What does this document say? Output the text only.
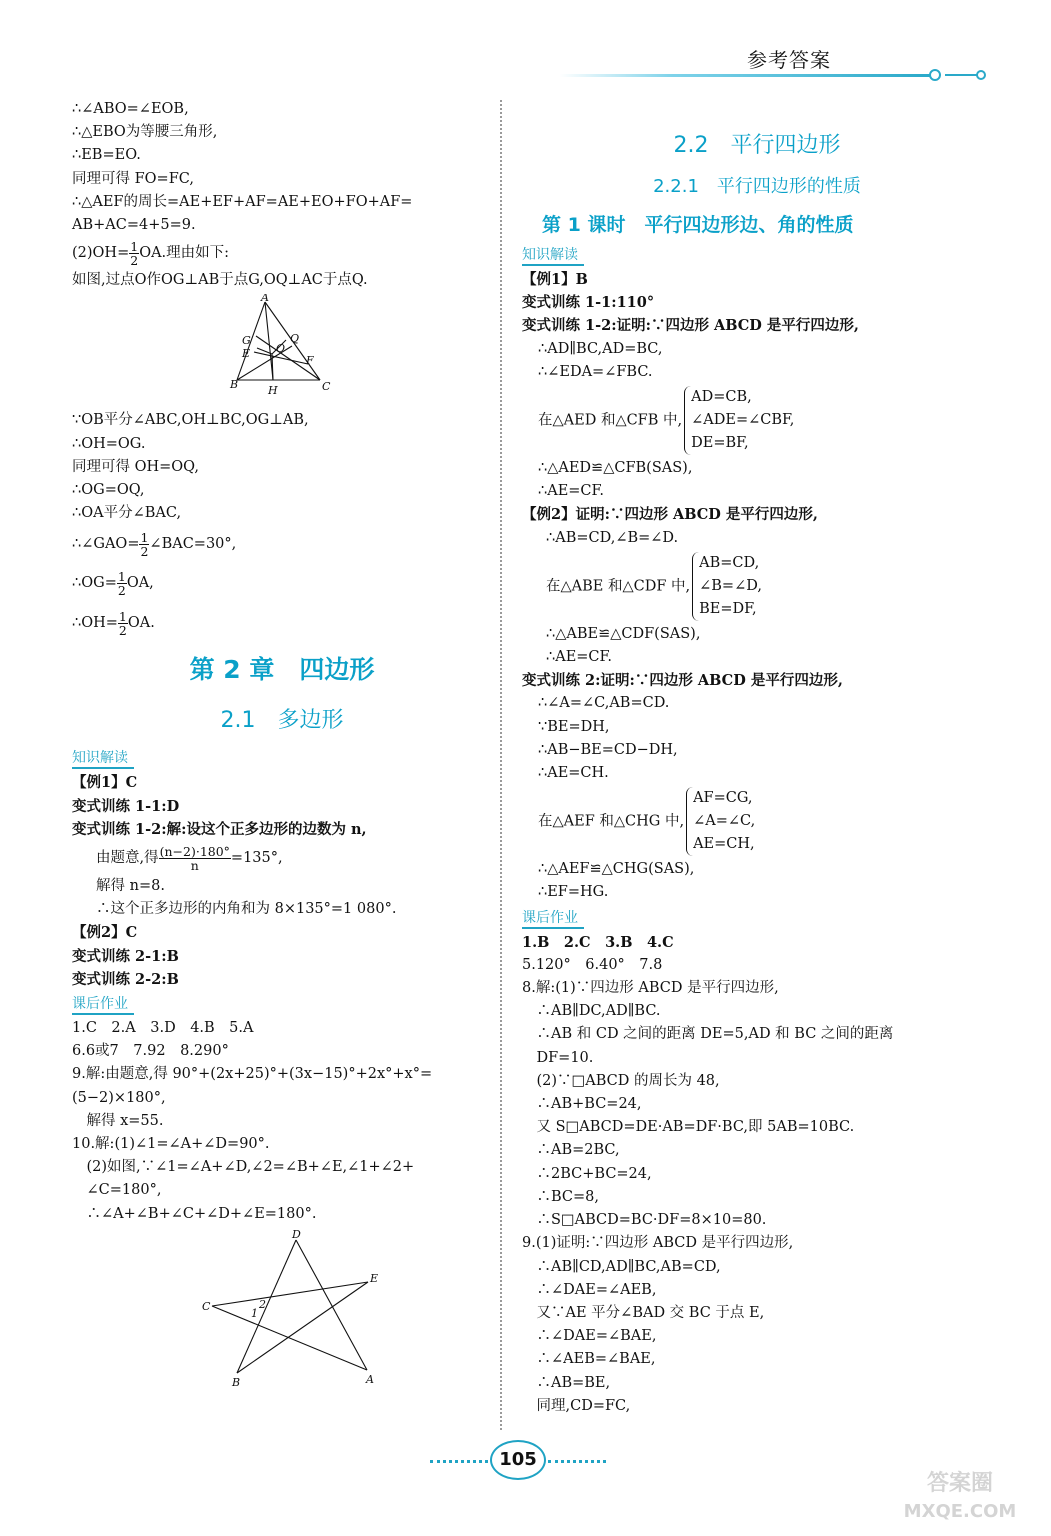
参考答案
∴∠ABO=∠EOB,
∴△EBO为等腰三角形,
∴EB=EO.
同理可得 FO=FC,
∴△AEF的周长=AE+EF+AF=AE+EO+FO+AF=
AB+AC=4+5=9.
$(2)OH= \frac{1}{2}$ OA.理由如下:
如图,过点O作OG⊥AB于点G,OQ⊥AC于点Q.
A
G
O
Q
E
F
B	H	C
∵OB平分∠ABC,OH⊥BC,OG⊥AB,
∴OH=OG.
同理可得 OH=OQ,
∴OG=OQ,
∴OA平分∠BAC,
∴∠GAO= $\frac{1}{2}$ ∠BAC=30°,
∴OG= $\frac{1}{2}$ OA,
∴OH= $\frac{1}{2}$ OA.
第 2 章　四边形
2.1　多边形
知识解读
【例1】C
变式训练 1-1:D
变式训练 1-2:解:设这个正多边形的边数为 n,
由题意,得 $\frac{(n-2)\cdot 180^\circ}{n} =135^\circ$,
解得 n=8.
∴这个正多边形的内角和为 8×135°=1 080°.
【例2】C
变式训练 2-1:B
变式训练 2-2:B
课后作业
1.C　2.A　3.D　4.B　5.A
6.6或7　7.92　8.290°
9.解:由题意,得 90°+(2x+25)°+(3x−15)°+2x°+x°=
(5−2)×180°,
　解得 x=55.
10.解:(1)∠1=∠A+∠D=90°.
　(2)如图,∵∠1=∠A+∠D,∠2=∠B+∠E,∠1+∠2+
　∠C=180°,
　∴∠A+∠B+∠C+∠D+∠E=180°.
D
E
C	2
1
B	A
2.2　平行四边形
2.2.1　平行四边形的性质
第 1 课时　平行四边形边、角的性质
知识解读
【例1】B
变式训练 1-1:110°
变式训练 1-2:证明:∵四边形 ABCD 是平行四边形,
∴AD∥BC,AD=BC,
∴∠EDA=∠FBC.
在△AED 和△CFB 中,
AD=CB,
∠ADE=∠CBF,
DE=BF,
∴△AED≌△CFB(SAS),
∴AE=CF.
【例2】证明:∵四边形 ABCD 是平行四边形,
∴AB=CD,∠B=∠D.
在△ABE 和△CDF 中,
AB=CD,
∠B=∠D,
BE=DF,
∴△ABE≌△CDF(SAS),
∴AE=CF.
变式训练 2:证明:∵四边形 ABCD 是平行四边形,
∴∠A=∠C,AB=CD.
∵BE=DH,
∴AB−BE=CD−DH,
∴AE=CH.
在△AEF 和△CHG 中,
AF=CG,
∠A=∠C,
AE=CH,
∴△AEF≌△CHG(SAS),
∴EF=HG.
课后作业
1.B　2.C　3.B　4.C
5.120°　6.40°　7.8
8.解:(1)∵四边形 ABCD 是平行四边形,
　∴AB∥DC,AD∥BC.
　∴AB 和 CD 之间的距离 DE=5,AD 和 BC 之间的距离
　DF=10.
　(2)∵□ABCD 的周长为 48,
　∴AB+BC=24,
　又 S□ABCD=DE·AB=DF·BC,即 5AB=10BC.
　∴AB=2BC,
　∴2BC+BC=24,
　∴BC=8,
　∴S□ABCD=BC·DF=8×10=80.
9.(1)证明:∵四边形 ABCD 是平行四边形,
　∴AB∥CD,AD∥BC,AB=CD,
　∴∠DAE=∠AEB,
　又∵AE 平分∠BAD 交 BC 于点 E,
　∴∠DAE=∠BAE,
　∴∠AEB=∠BAE,
　∴AB=BE,
　同理,CD=FC,
105
答案圈
MXQE.COM
